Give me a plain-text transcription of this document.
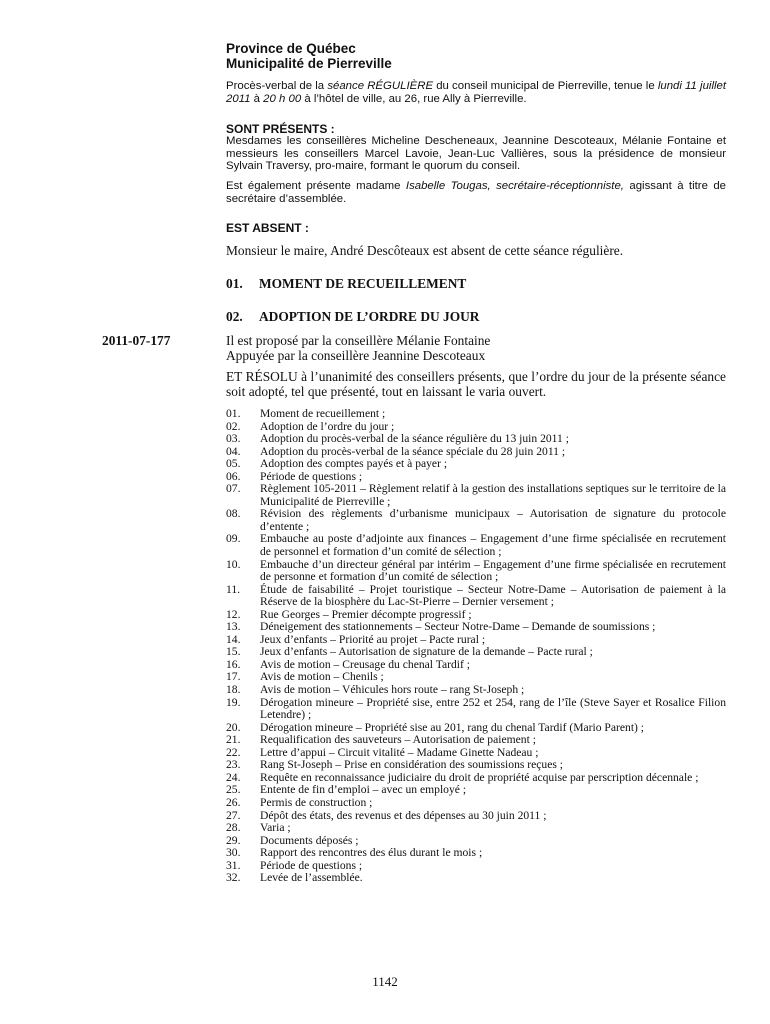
Province de Québec
Municipalité de Pierreville
Procès-verbal de la séance RÉGULIÈRE du conseil municipal de Pierreville, tenue le lundi 11 juillet 2011 à 20 h 00 à l’hôtel de ville, au 26, rue Ally à Pierreville.
SONT PRÉSENTS :
Mesdames les conseillères Micheline Descheneaux, Jeannine Descoteaux, Mélanie Fontaine et messieurs les conseillers Marcel Lavoie, Jean-Luc Vallières, sous la présidence de monsieur Sylvain Traversy, pro-maire, formant le quorum du conseil.
Est également présente madame Isabelle Tougas, secrétaire-réceptionniste, agissant à titre de secrétaire d’assemblée.
EST ABSENT :
Monsieur le maire, André Descôteaux est absent de cette séance régulière.
01. MOMENT DE RECUEILLEMENT
02. ADOPTION DE L’ORDRE DU JOUR
2011-07-177	Il est proposé par la conseillère Mélanie Fontaine
Appuyée par la conseillère Jeannine Descoteaux
ET RÉSOLU à l’unanimité des conseillers présents, que l’ordre du jour de la présente séance soit adopté, tel que présenté, tout en laissant le varia ouvert.
01.	Moment de recueillement ;
02.	Adoption de l’ordre du jour ;
03.	Adoption du procès-verbal de la séance régulière du 13 juin 2011 ;
04.	Adoption du procès-verbal de la séance spéciale du 28 juin 2011 ;
05.	Adoption des comptes payés et à payer ;
06.	Période de questions ;
07.	Règlement 105-2011 – Règlement relatif à la gestion des installations septiques sur le territoire de la Municipalité de Pierreville ;
08.	Révision des règlements d’urbanisme municipaux – Autorisation de signature du protocole d’entente ;
09.	Embauche au poste d’adjointe aux finances – Engagement d’une firme spécialisée en recrutement de personnel et formation d’un comité de sélection ;
10.	Embauche d’un directeur général par intérim – Engagement d’une firme spécialisée en recrutement de personne et formation d’un comité de sélection ;
11.	Étude de faisabilité – Projet touristique – Secteur Notre-Dame – Autorisation de paiement à la Réserve de la biosphère du Lac-St-Pierre – Dernier versement ;
12.	Rue Georges – Premier décompte progressif ;
13.	Déneigement des stationnements – Secteur Notre-Dame – Demande de soumissions ;
14.	Jeux d’enfants – Priorité au projet – Pacte rural ;
15.	Jeux d’enfants – Autorisation de signature de la demande – Pacte rural ;
16.	Avis de motion – Creusage du chenal Tardif ;
17.	Avis de motion – Chenils ;
18.	Avis de motion – Véhicules hors route – rang St-Joseph ;
19.	Dérogation mineure – Propriété sise, entre 252 et 254, rang de l’île (Steve Sayer et Rosalice Filion Letendre) ;
20.	Dérogation mineure – Propriété sise au 201, rang du chenal Tardif (Mario Parent) ;
21.	Requalification des sauveteurs – Autorisation de paiement ;
22.	Lettre d’appui – Circuit vitalité – Madame Ginette Nadeau ;
23.	Rang St-Joseph – Prise en considération des soumissions reçues ;
24.	Requête en reconnaissance judiciaire du droit de propriété acquise par perscription décennale ;
25.	Entente de fin d’emploi – avec un employé ;
26.	Permis de construction ;
27.	Dépôt des états, des revenus et des dépenses au 30 juin 2011 ;
28.	Varia ;
29.	Documents déposés ;
30.	Rapport des rencontres des élus durant le mois ;
31.	Période de questions ;
32.	Levée de l’assemblée.
1142
